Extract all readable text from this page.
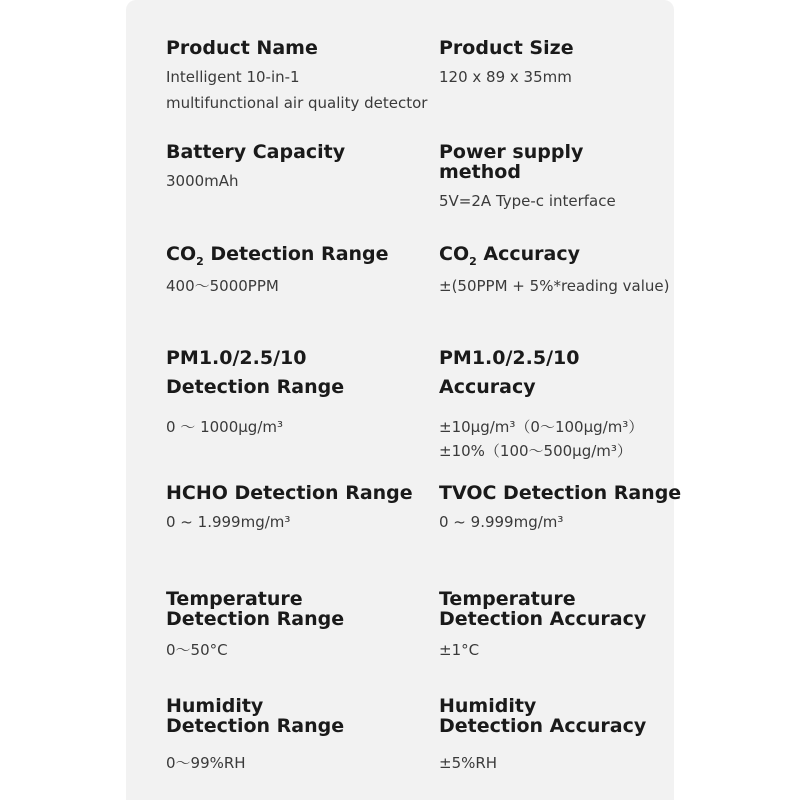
Product Name
Intelligent 10-in-1
multifunctional air quality detector
Product Size
120 x 89 x 35mm
Battery Capacity
3000mAh
Power supply
method
5V=2A Type-c interface
$CO_2$ Detection Range
400～5000PPM
$CO_2$ Accuracy
±(50PPM + 5%*reading value)
PM1.0/2.5/10
Detection Range
0 ～ 1000μg/m³
PM1.0/2.5/10
Accuracy
±10μg/m³（0～100μg/m³）
±10%（100～500μg/m³）
HCHO Detection Range
0 ~ 1.999mg/m³
TVOC Detection Range
0 ~ 9.999mg/m³
Temperature
Detection Range
0～50°C
Temperature
Detection Accuracy
±1°C
Humidity
Detection Range
0～99%RH
Humidity
Detection Accuracy
±5%RH
